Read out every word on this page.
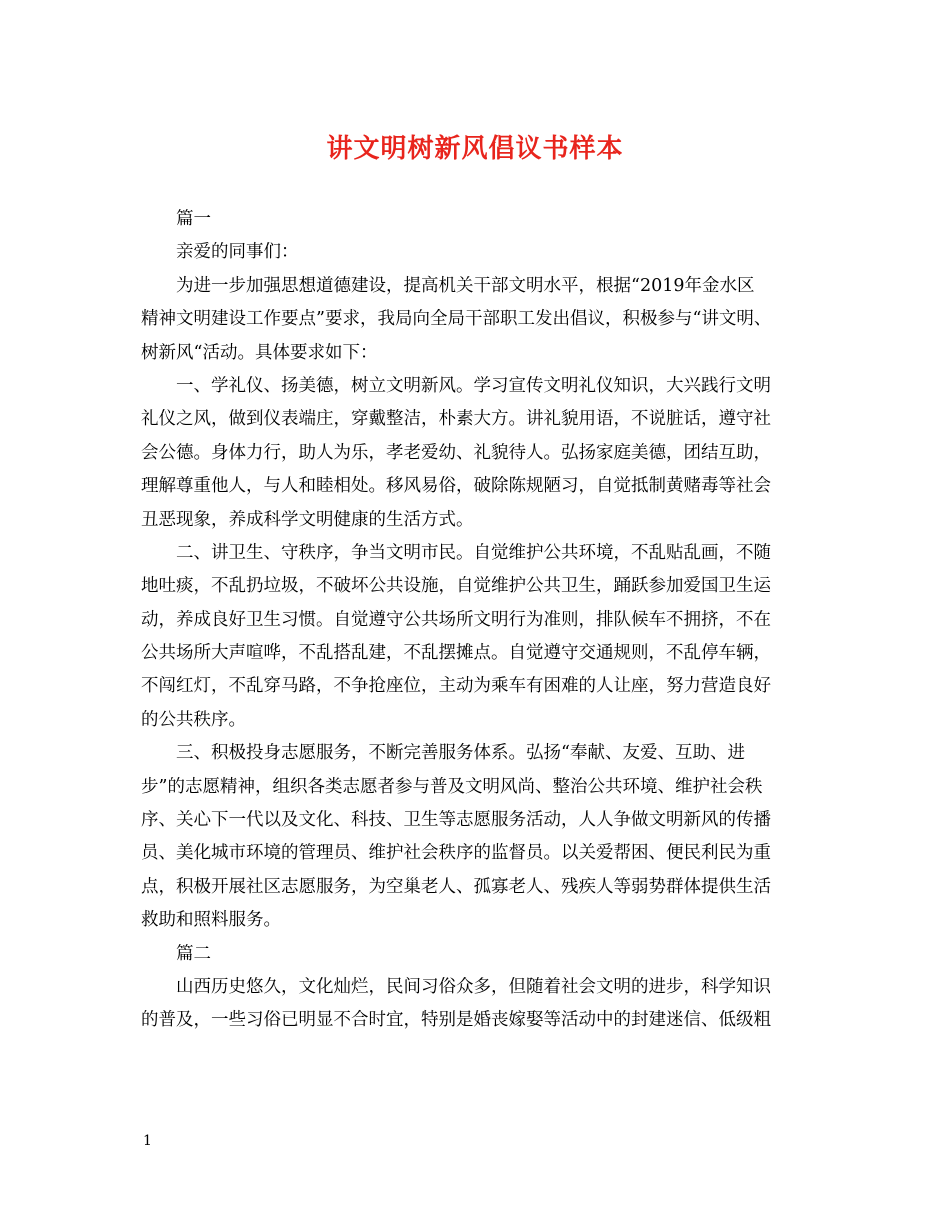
讲文明树新风倡议书样本
篇一
亲爱的同事们：
为进一步加强思想道德建设，提高机关干部文明水平，根据“2019年金水区
精神文明建设工作要点”要求，我局向全局干部职工发出倡议，积极参与“讲文明、
树新风“活动。具体要求如下：
一、学礼仪、扬美德，树立文明新风。学习宣传文明礼仪知识，大兴践行文明
礼仪之风，做到仪表端庄，穿戴整洁，朴素大方。讲礼貌用语，不说脏话，遵守社
会公德。身体力行，助人为乐，孝老爱幼、礼貌待人。弘扬家庭美德，团结互助，
理解尊重他人，与人和睦相处。移风易俗，破除陈规陋习，自觉抵制黄赌毒等社会
丑恶现象，养成科学文明健康的生活方式。
二、讲卫生、守秩序，争当文明市民。自觉维护公共环境，不乱贴乱画，不随
地吐痰，不乱扔垃圾，不破坏公共设施，自觉维护公共卫生，踊跃参加爱国卫生运
动，养成良好卫生习惯。自觉遵守公共场所文明行为准则，排队候车不拥挤，不在
公共场所大声喧哗，不乱搭乱建，不乱摆摊点。自觉遵守交通规则，不乱停车辆，
不闯红灯，不乱穿马路，不争抢座位，主动为乘车有困难的人让座，努力营造良好
的公共秩序。
三、积极投身志愿服务，不断完善服务体系。弘扬“奉献、友爱、互助、进
步”的志愿精神，组织各类志愿者参与普及文明风尚、整治公共环境、维护社会秩
序、关心下一代以及文化、科技、卫生等志愿服务活动，人人争做文明新风的传播
员、美化城市环境的管理员、维护社会秩序的监督员。以关爱帮困、便民利民为重
点，积极开展社区志愿服务，为空巢老人、孤寡老人、残疾人等弱势群体提供生活
救助和照料服务。
篇二
山西历史悠久，文化灿烂，民间习俗众多，但随着社会文明的进步，科学知识
的普及，一些习俗已明显不合时宜，特别是婚丧嫁娶等活动中的封建迷信、低级粗
1
